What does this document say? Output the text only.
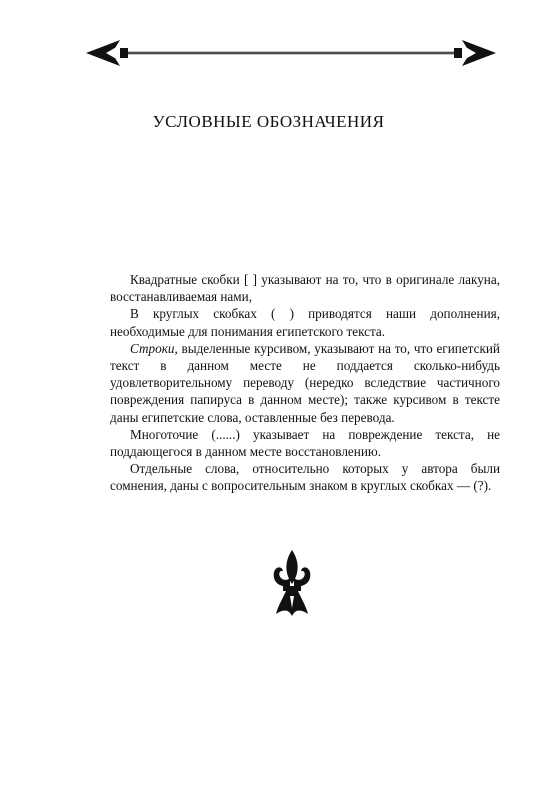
УСЛОВНЫЕ ОБОЗНАЧЕНИЯ

Квадратные скобки [ ] указывают на то, что в оригинале лакуна, восстанавливаемая нами,

В круглых скобках ( ) приводятся наши дополнения, необходимые для понимания египетского текста.

Строки, выделенные курсивом, указывают на то, что египетский текст в данном месте не поддается сколько-нибудь удовлетворительному переводу (нередко вследствие частичного повреждения папируса в данном месте); также курсивом в тексте даны египетские слова, оставленные без перевода.

Многоточие (......) указывает на повреждение текста, не поддающегося в данном месте восстановлению.

Отдельные слова, относительно которых у автора были сомнения, даны с вопросительным знаком в круглых скобках — (?).
